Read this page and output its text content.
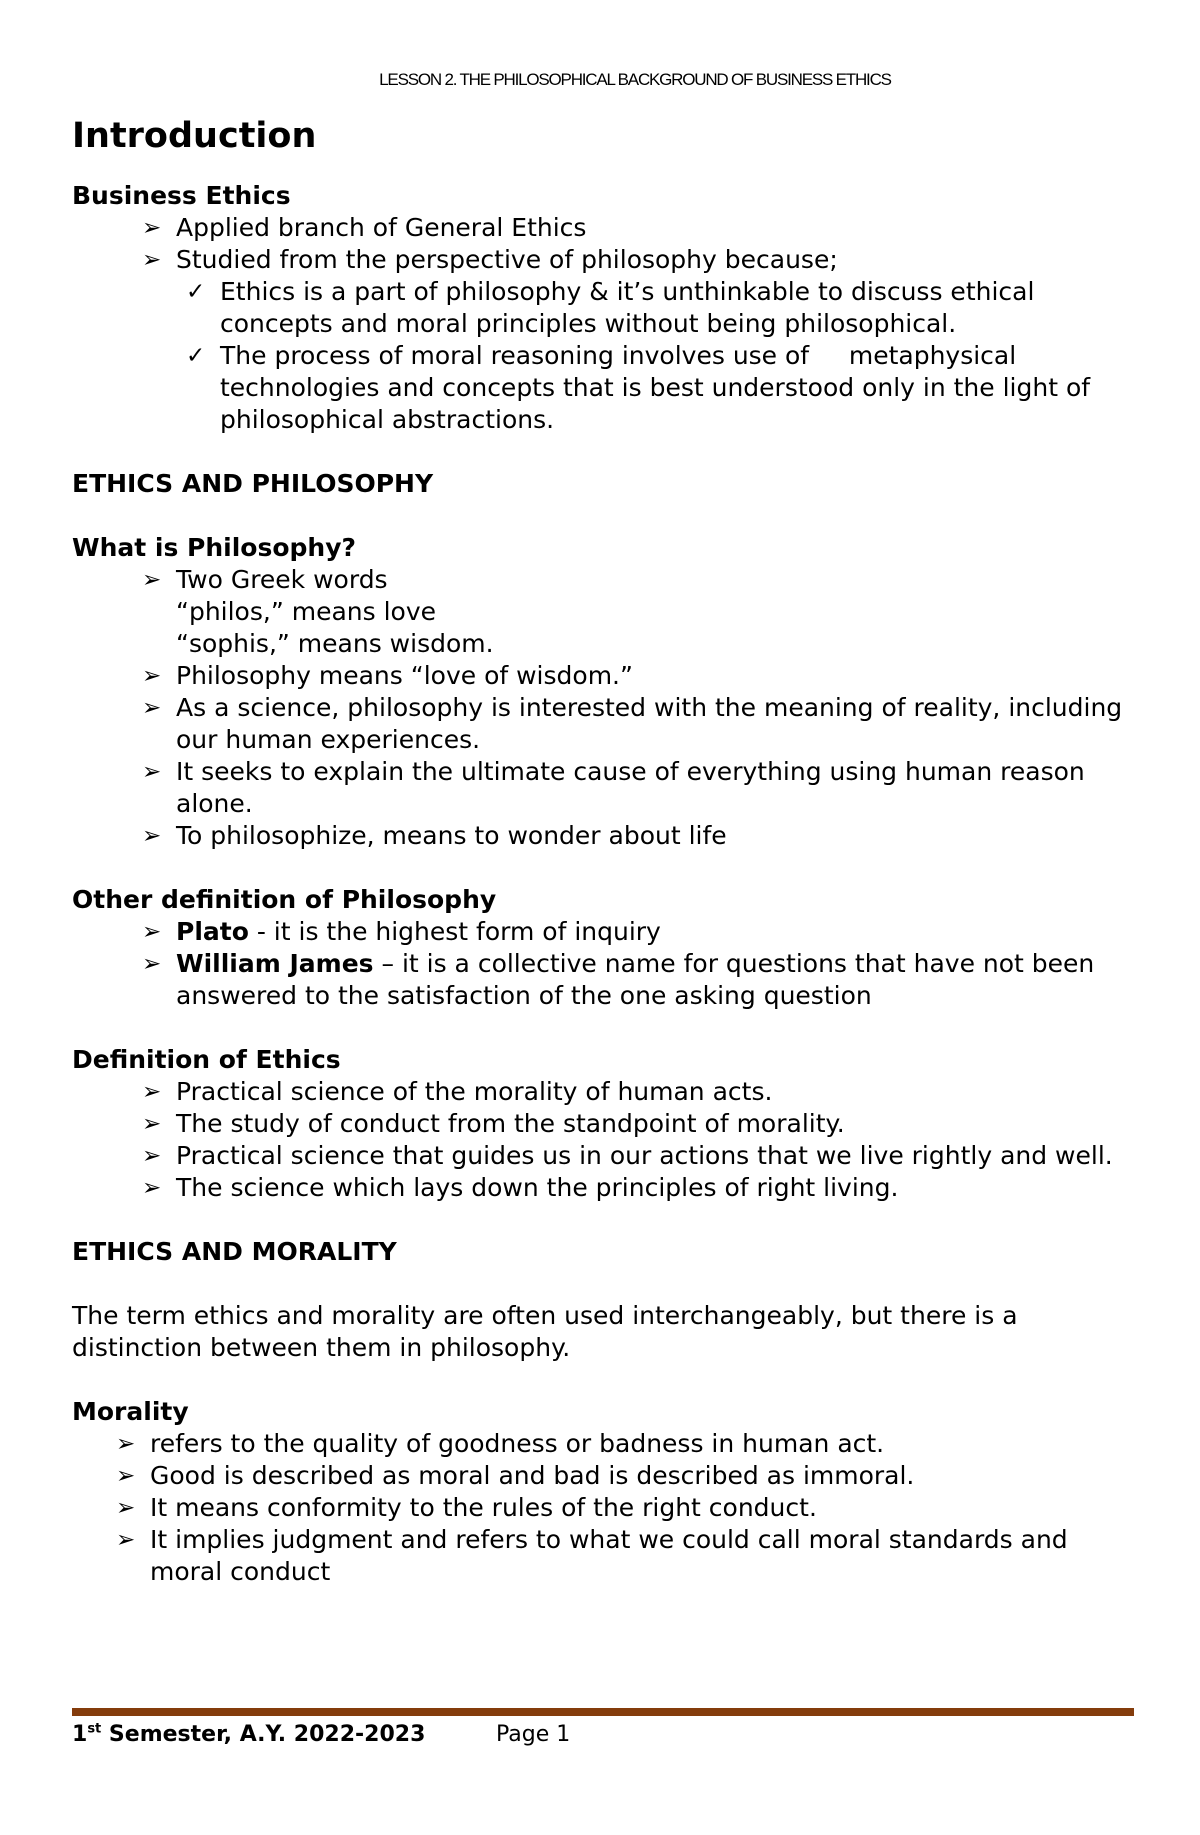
LESSON 2. THE PHILOSOPHICAL BACKGROUND OF BUSINESS ETHICS
Introduction
Business Ethics
➢ Applied branch of General Ethics
➢ Studied from the perspective of philosophy because;
✓ Ethics is a part of philosophy & it’s unthinkable to discuss ethical concepts and moral principles without being philosophical.
✓ The process of moral reasoning involves use of     metaphysical technologies and concepts that is best understood only in the light of philosophical abstractions.
ETHICS AND PHILOSOPHY
What is Philosophy?
➢ Two Greek words
“philos,” means love
“sophis,” means wisdom.
➢ Philosophy means “love of wisdom.”
➢ As a science, philosophy is interested with the meaning of reality, including our human experiences.
➢ It seeks to explain the ultimate cause of everything using human reason alone.
➢ To philosophize, means to wonder about life
Other definition of Philosophy
➢ Plato - it is the highest form of inquiry
➢ William James – it is a collective name for questions that have not been answered to the satisfaction of the one asking question
Definition of Ethics
➢ Practical science of the morality of human acts.
➢ The study of conduct from the standpoint of morality.
➢ Practical science that guides us in our actions that we live rightly and well.
➢ The science which lays down the principles of right living.
ETHICS AND MORALITY
The term ethics and morality are often used interchangeably, but there is a distinction between them in philosophy.
Morality
➢ refers to the quality of goodness or badness in human act.
➢ Good is described as moral and bad is described as immoral.
➢ It means conformity to the rules of the right conduct.
➢ It implies judgment and refers to what we could call moral standards and moral conduct
1st Semester, A.Y. 2022-2023	Page 1
